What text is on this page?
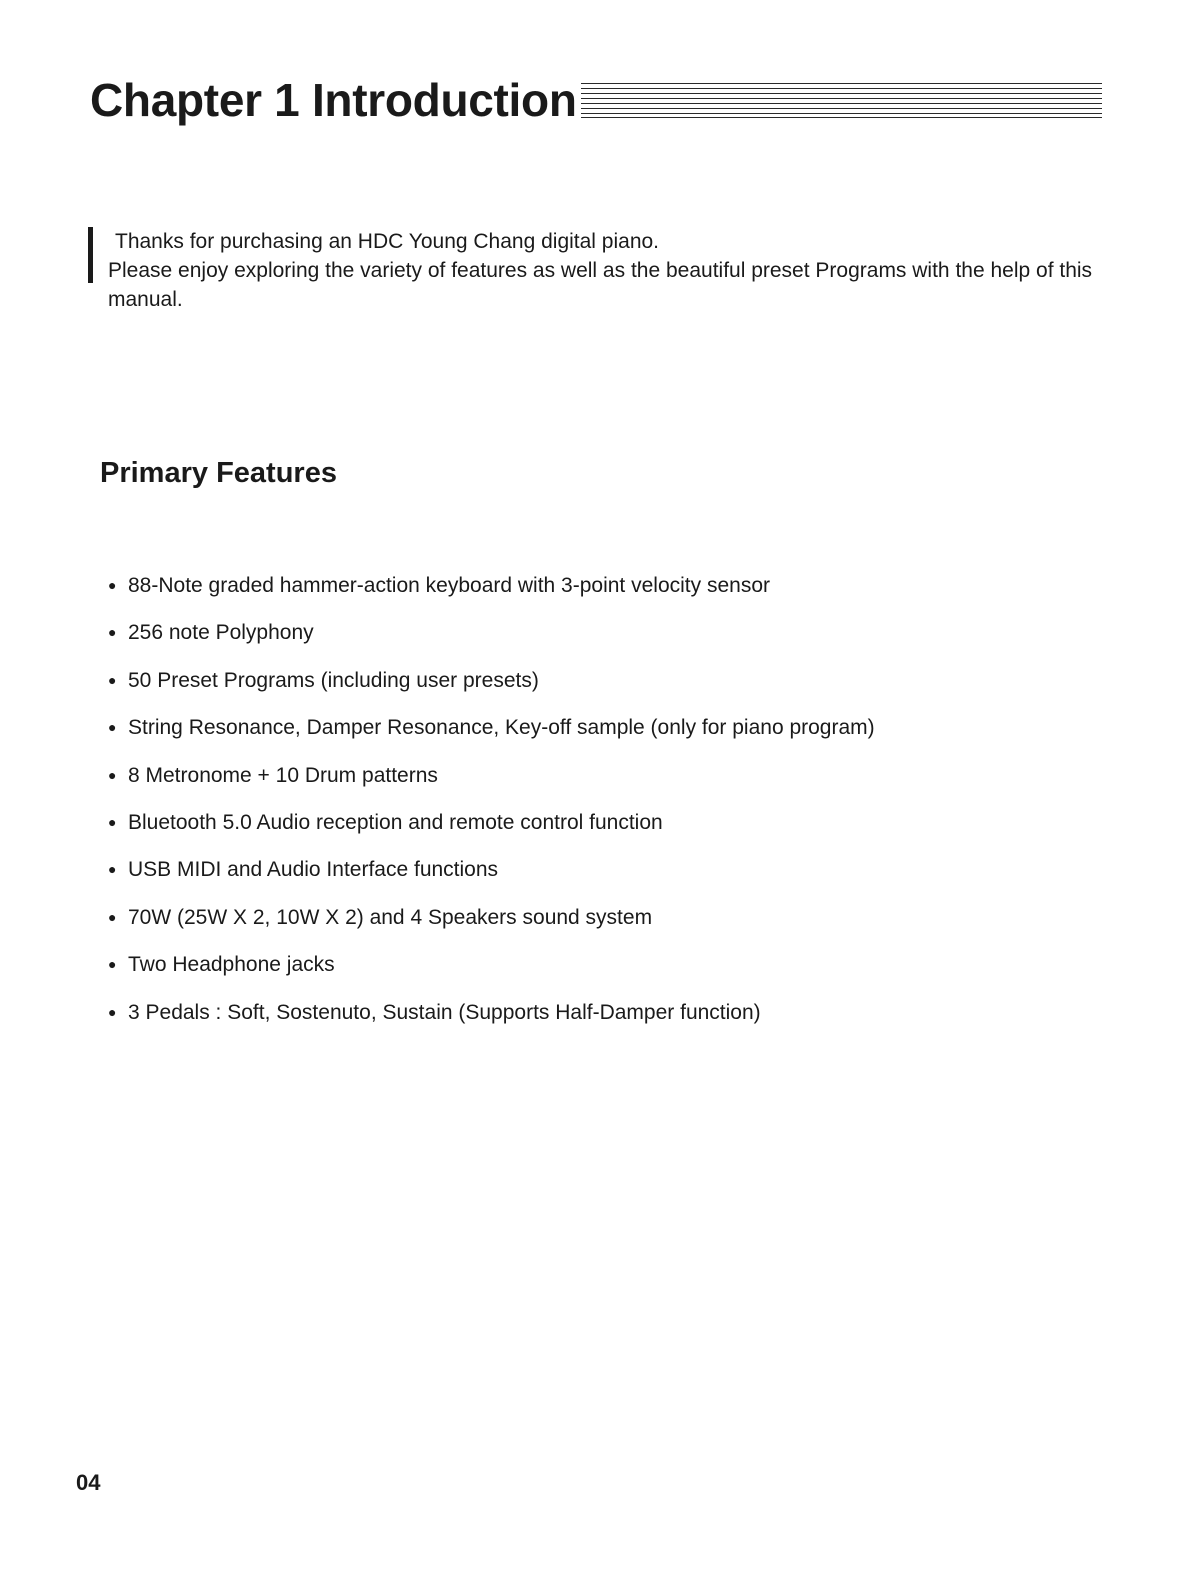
Chapter 1 Introduction
Thanks for purchasing an HDC Young Chang digital piano.
Please enjoy exploring the variety of features as well as the beautiful preset Programs with the help of this manual.
Primary Features
● 88-Note graded hammer-action keyboard with 3-point velocity sensor
● 256 note Polyphony
● 50 Preset Programs (including user presets)
● String Resonance, Damper Resonance, Key-off sample (only for piano program)
● 8 Metronome + 10 Drum patterns
● Bluetooth 5.0 Audio reception and remote control function
● USB MIDI and Audio Interface functions
● 70W (25W X 2, 10W X 2) and 4 Speakers sound system
● Two Headphone jacks
● 3 Pedals : Soft, Sostenuto, Sustain (Supports Half-Damper function)
04
